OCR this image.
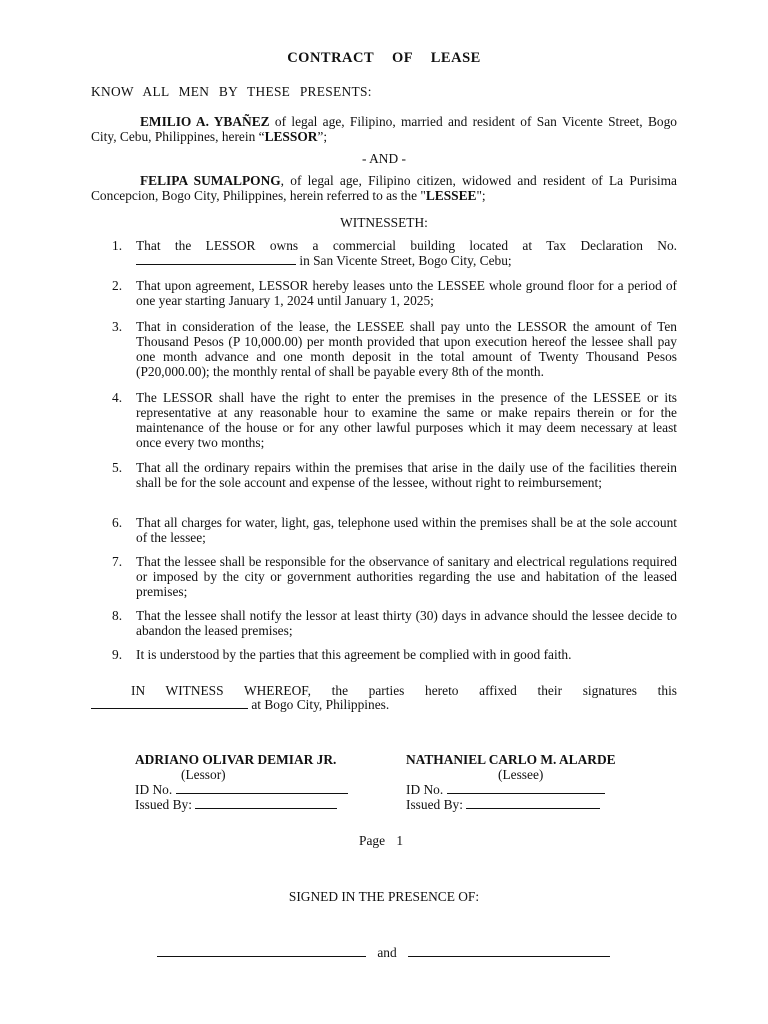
CONTRACT OF LEASE
KNOW ALL MEN BY THESE PRESENTS:
EMILIO A. YBAÑEZ of legal age, Filipino, married and resident of San Vicente Street, Bogo City, Cebu, Philippines, herein “LESSOR”;
- AND -
FELIPA SUMALPONG, of legal age, Filipino citizen, widowed and resident of La Purisima Concepcion, Bogo City, Philippines, herein referred to as the "LESSEE";
WITNESSETH:
1. That the LESSOR owns a commercial building located at Tax Declaration No.  in San Vicente Street, Bogo City, Cebu;
2. That upon agreement, LESSOR hereby leases unto the LESSEE whole ground floor for a period of one year starting January 1, 2024 until January 1, 2025;
3. That in consideration of the lease, the LESSEE shall pay unto the LESSOR the amount of Ten Thousand Pesos (P 10,000.00) per month provided that upon execution hereof the lessee shall pay one month advance and one month deposit in the total amount of Twenty Thousand Pesos (P20,000.00); the monthly rental of shall be payable every 8th of the month.
4. The LESSOR shall have the right to enter the premises in the presence of the LESSEE or its representative at any reasonable hour to examine the same or make repairs therein or for the maintenance of the house or for any other lawful purposes which it may deem necessary at least once every two months;
5. That all the ordinary repairs within the premises that arise in the daily use of the facilities therein shall be for the sole account and expense of the lessee, without right to reimbursement;
6. That all charges for water, light, gas, telephone used within the premises shall be at the sole account of the lessee;
7. That the lessee shall be responsible for the observance of sanitary and electrical regulations required or imposed by the city or government authorities regarding the use and habitation of the leased premises;
8. That the lessee shall notify the lessor at least thirty (30) days in advance should the lessee decide to abandon the leased premises;
9. It is understood by the parties that this agreement be complied with in good faith.
IN WITNESS WHEREOF, the parties hereto affixed their signatures this
at Bogo City, Philippines.
ADRIANO OLIVAR DEMIAR JR.
(Lessor)
ID No.
Issued By:
NATHANIEL CARLO M. ALARDE
(Lessee)
ID No.
Issued By:
Page 1
SIGNED IN THE PRESENCE OF:
and
